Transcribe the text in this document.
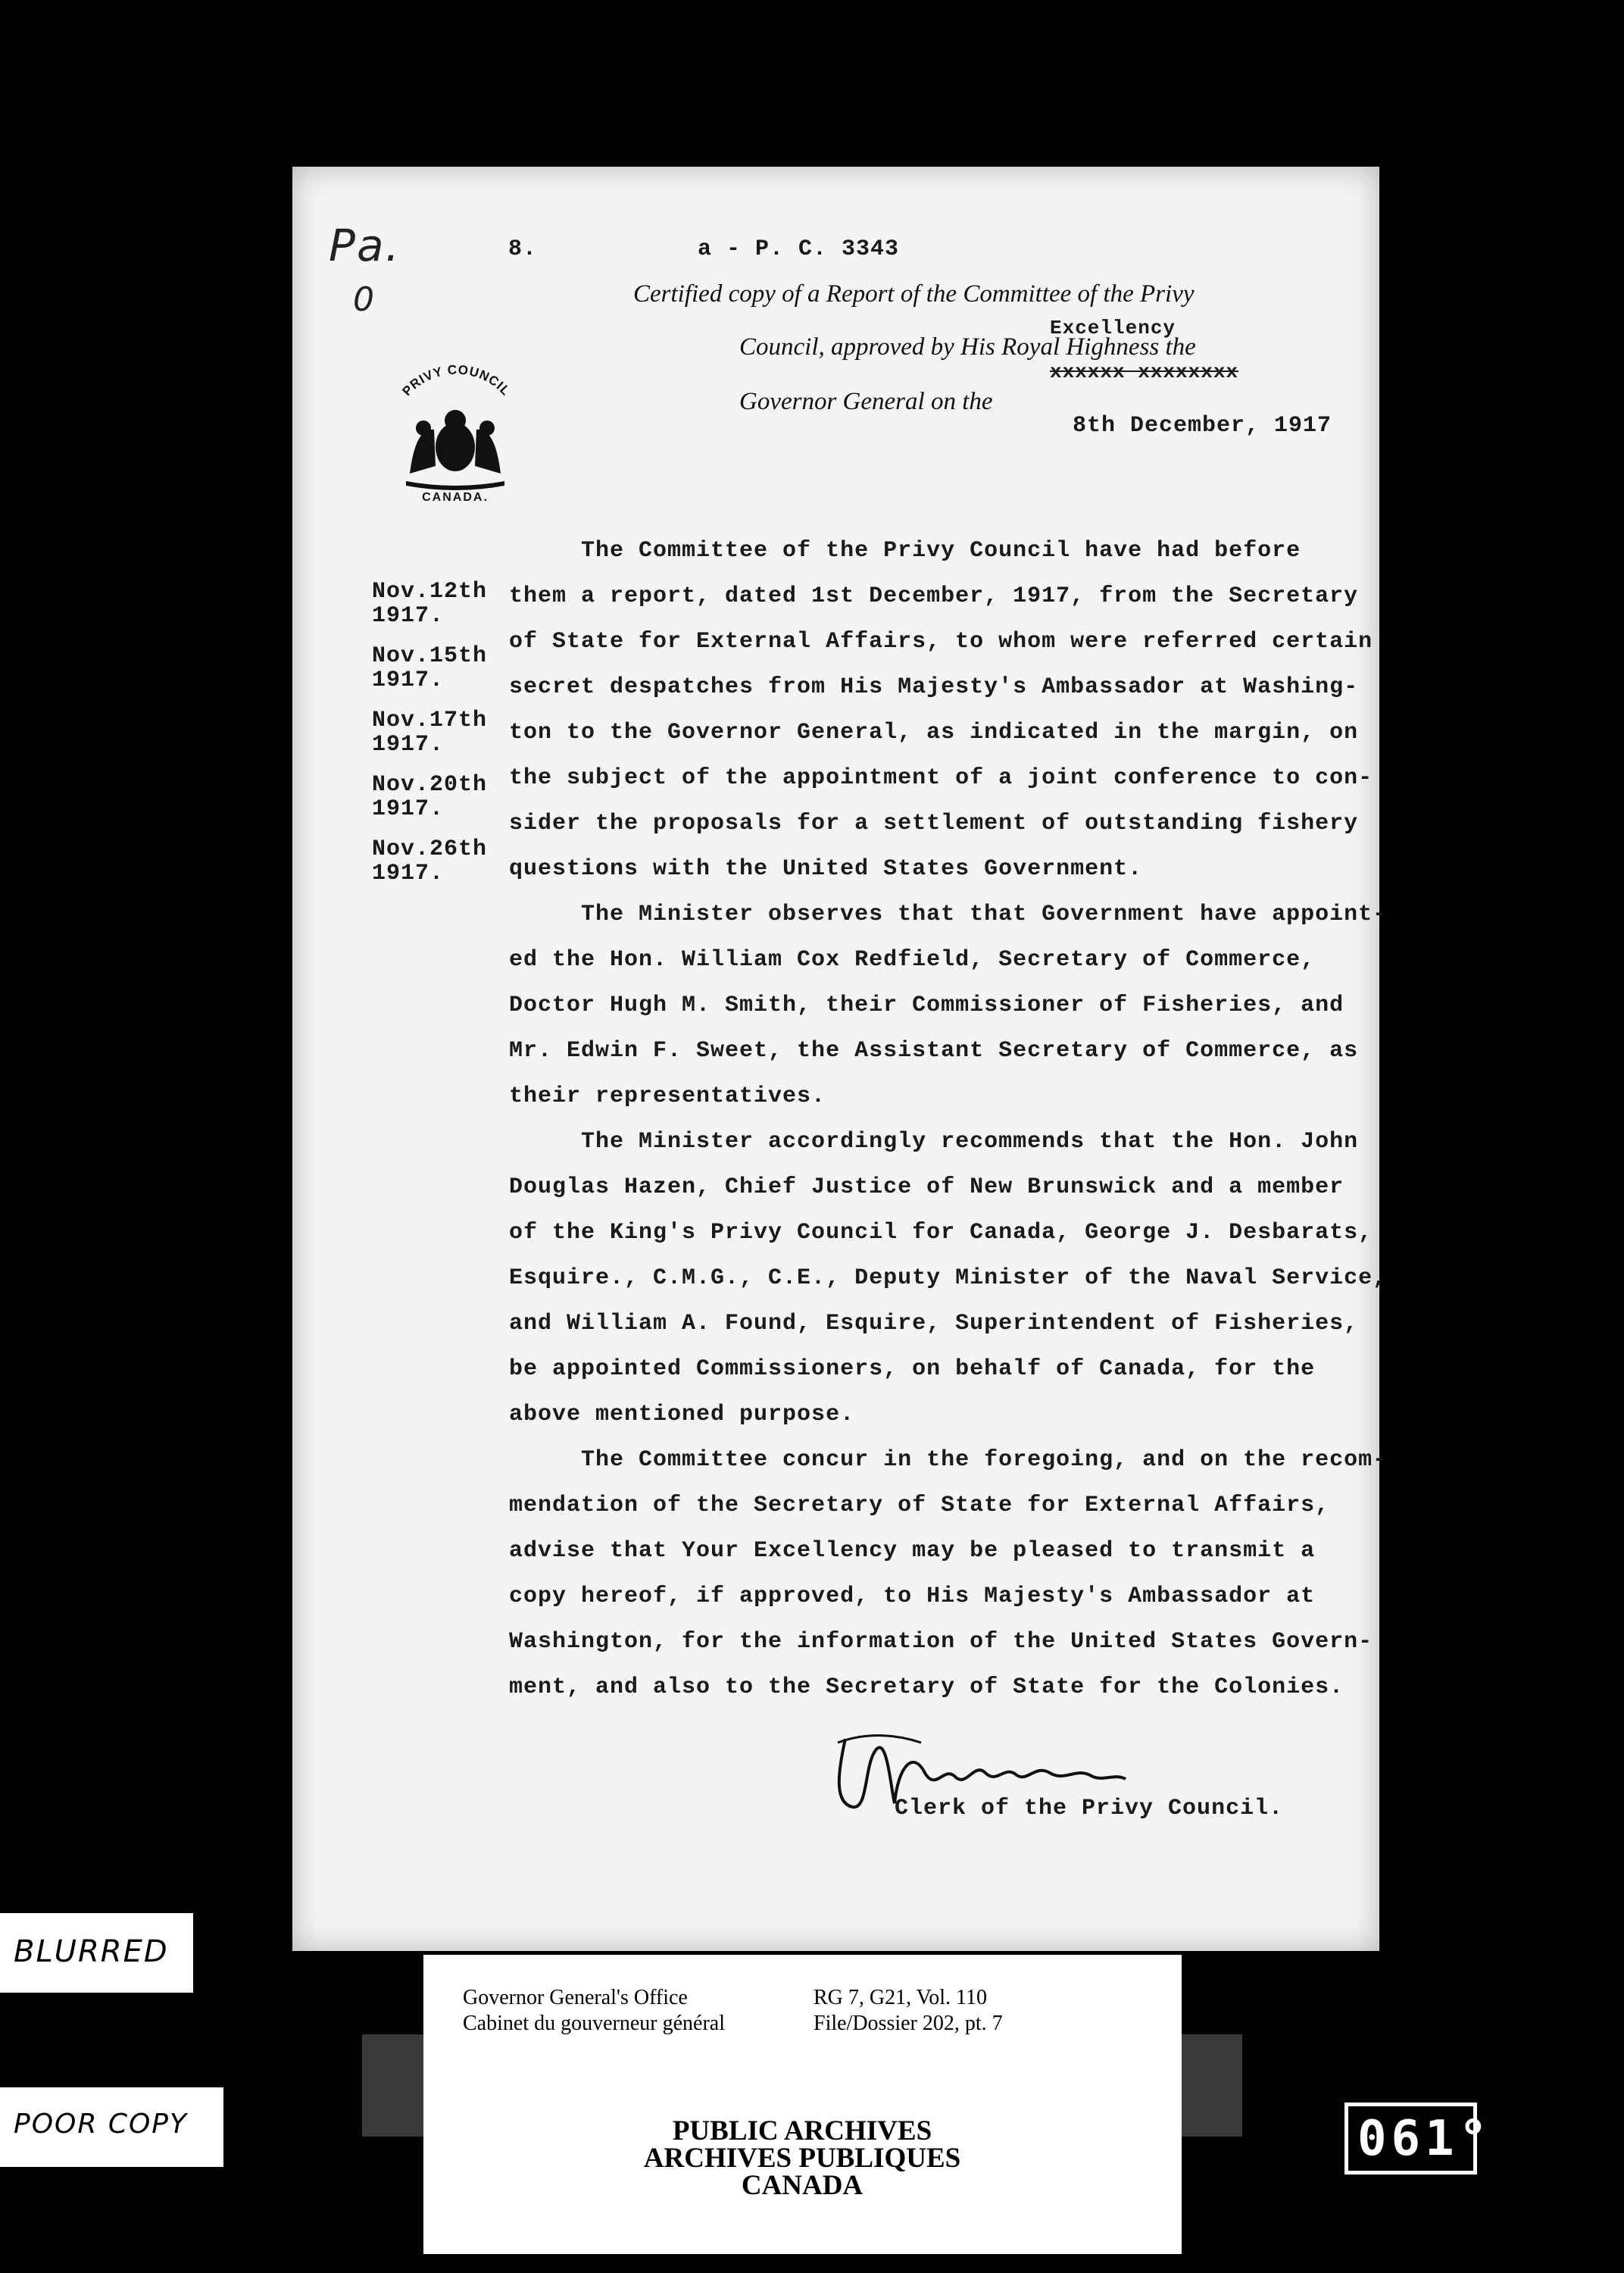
Pa.
0
8.	a - P. C. 3343
Certified copy of a Report of the Committee of the Privy
Council, approved by His Royal Highness the
Excellency
xxxxxx xxxxxxxx
Governor General on the
8th December, 1917
PRIVY COUNCIL
CANADA.
Nov.12th
1917.
Nov.15th
1917.
Nov.17th
1917.
Nov.20th
1917.
Nov.26th
1917.
The Committee of the Privy Council have had before
them a report, dated 1st December, 1917, from the Secretary
of State for External Affairs, to whom were referred certain
secret despatches from His Majesty's Ambassador at Washing-
ton to the Governor General, as indicated in the margin, on
the subject of the appointment of a joint conference to con-
sider the proposals for a settlement of outstanding fishery
questions with the United States Government.
The Minister observes that that Government have appoint-
ed the Hon. William Cox Redfield, Secretary of Commerce,
Doctor Hugh M. Smith, their Commissioner of Fisheries, and
Mr. Edwin F. Sweet, the Assistant Secretary of Commerce, as
their representatives.
The Minister accordingly recommends that the Hon. John
Douglas Hazen, Chief Justice of New Brunswick and a member
of the King's Privy Council for Canada, George J. Desbarats,
Esquire., C.M.G., C.E., Deputy Minister of the Naval Service,
and William A. Found, Esquire, Superintendent of Fisheries,
be appointed Commissioners, on behalf of Canada, for the
above mentioned purpose.
The Committee concur in the foregoing, and on the recom-
mendation of the Secretary of State for External Affairs,
advise that Your Excellency may be pleased to transmit a
copy hereof, if approved, to His Majesty's Ambassador at
Washington, for the information of the United States Govern-
ment, and also to the Secretary of State for the Colonies.
Clerk of the Privy Council.
BLURRED
POOR COPY
Governor General's Office
Cabinet du gouverneur général
RG 7, G21, Vol. 110
File/Dossier 202, pt. 7
PUBLIC ARCHIVES
ARCHIVES PUBLIQUES
CANADA
061°
